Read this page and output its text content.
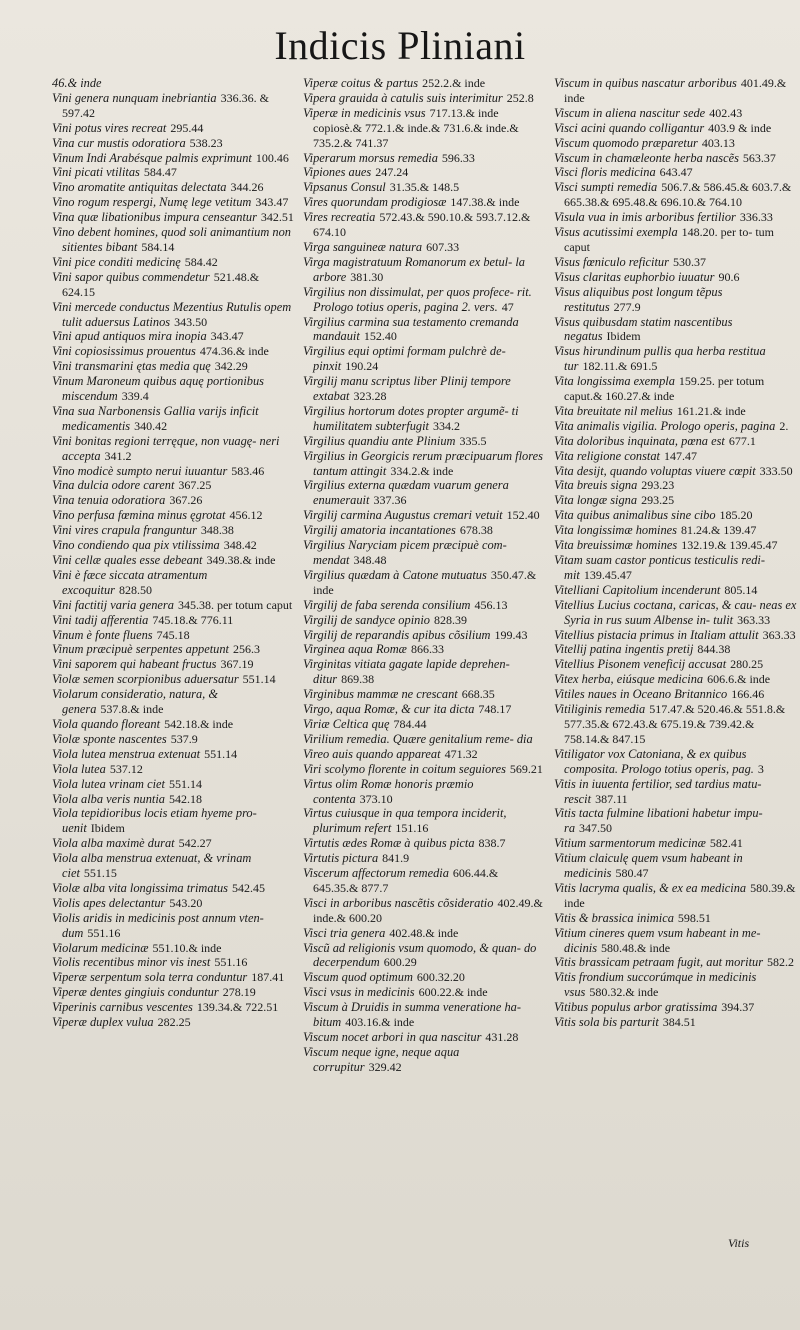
Indicis Pliniani

46.& inde

Vini genera nunquam inebriantia 336.36. & 597.42

Vini potus vires recreat 295.44

Vina cur mustis odoratiora 538.23

Vinum Indi Arabésque palmis exprimunt 100.46

Vini picati vtilitas 584.47

Vino aromatite antiquitas delectata 344.26

Vino rogum respergi, Numę lege vetitum 343.47

Vina quæ libationibus impura censeantur 342.51

Vino debent homines, quod soli animantium non sitientes bibant 584.14

Vini pice conditi medicinę 584.42

Vini sapor quibus commendetur 521.48.& 624.15

Vini mercede conductus Mezentius Rutulis opem tulit aduersus Latinos 343.50

Vini apud antiquos mira inopia 343.47

Vini copiosissimus prouentus 474.36.& inde

Vini transmarini ętas media quę 342.29

Vinum Maroneum quibus aquę portionibus miscendum 339.4

Vina sua Narbonensis Gallia varijs inficit medicamentis 340.42

Vini bonitas regioni terręque, non vuagę- neri accepta 341.2

Vino modicè sumpto nerui iuuantur 583.46

Vina dulcia odore carent 367.25

Vina tenuia odoratiora 367.26

Vino perfusa fœmina minus ęgrotat 456.12

Vini vires crapula franguntur 348.38

Vino condiendo qua pix vtilissima 348.42

Vini cellæ quales esse debeant 349.38.& inde

Vini è fæce siccata atramentum excoquitur 828.50

Vini factitij varia genera 345.38. per totum caput

Vini tadij afferentia 745.18.& 776.11

Vinum è fonte fluens 745.18

Vinum præcipuè serpentes appetunt 256.3

Vini saporem qui habeant fructus 367.19

Violæ semen scorpionibus aduersatur 551.14

Violarum consideratio, natura, & genera 537.8.& inde

Viola quando floreant 542.18.& inde

Violæ sponte nascentes 537.9

Viola lutea menstrua extenuat 551.14

Viola lutea 537.12

Viola lutea vrinam ciet 551.14

Viola alba veris nuntia 542.18

Viola tepidioribus locis etiam hyeme pro- uenit Ibidem

Viola alba maximè durat 542.27

Viola alba menstrua extenuat, & vrinam ciet 551.15

Violæ alba vita longissima trimatus 542.45

Violis apes delectantur 543.20

Violis aridis in medicinis post annum vten- dum 551.16

Violarum medicinæ 551.10.& inde

Violis recentibus minor vis inest 551.16

Viperæ serpentum sola terra conduntur 187.41

Viperæ dentes gingiuis conduntur 278.19

Viperinis carnibus vescentes 139.34.& 722.51

Viperæ duplex vulua 282.25

Viperæ coitus & partus 252.2.& inde

Vipera grauida à catulis suis interimitur 252.8

Viperæ in medicinis vsus 717.13.& inde copiosè.& 772.1.& inde.& 731.6.& inde.& 735.2.& 741.37

Viperarum morsus remedia 596.33

Vipiones aues 247.24

Vipsanus Consul 31.35.& 148.5

Vires quorundam prodigiosæ 147.38.& inde

Vires recreatia 572.43.& 590.10.& 593.7.12.& 674.10

Virga sanguineæ natura 607.33

Virga magistratuum Romanorum ex betul- la arbore 381.30

Virgilius non dissimulat, per quos profece- rit. Prologo totius operis, pagina 2. vers. 47

Virgilius carmina sua testamento cremanda mandauit 152.40

Virgilius equi optimi formam pulchrè de- pinxit 190.24

Virgilij manu scriptus liber Plinij tempore extabat 323.28

Virgilius hortorum dotes propter argumẽ- ti humilitatem subterfugit 334.2

Virgilius quandiu ante Plinium 335.5

Virgilius in Georgicis rerum præcipuarum flores tantum attingit 334.2.& inde

Virgilius externa quædam vuarum genera enumerauit 337.36

Virgilij carmina Augustus cremari vetuit 152.40

Virgilij amatoria incantationes 678.38

Virgilius Naryciam picem præcipuè com- mendat 348.48

Virgilius quædam à Catone mutuatus 350.47.& inde

Virgilij de faba serenda consilium 456.13

Virgilij de sandyce opinio 828.39

Virgilij de reparandis apibus cõsilium 199.43

Virginea aqua Romæ 866.33

Virginitas vitiata gagate lapide deprehen- ditur 869.38

Virginibus mammæ ne crescant 668.35

Virgo, aqua Romæ, & cur ita dicta 748.17

Viriæ Celtica quę 784.44

Virilium remedia. Quære genitalium reme- dia

Vireo auis quando appareat 471.32

Viri scolymo florente in coitum seguiores 569.21

Virtus olim Romæ honoris præmio contenta 373.10

Virtus cuiusque in qua tempora inciderit, plurimum refert 151.16

Virtutis ædes Romæ à quibus picta 838.7

Virtutis pictura 841.9

Viscerum affectorum remedia 606.44.& 645.35.& 877.7

Visci in arboribus nascẽtis cõsideratio 402.49.& inde.& 600.20

Visci tria genera 402.48.& inde

Viscũ ad religionis vsum quomodo, & quan- do decerpendum 600.29

Viscum quod optimum 600.32.20

Visci vsus in medicinis 600.22.& inde

Viscum à Druidis in summa veneratione ha- bitum 403.16.& inde

Viscum nocet arbori in qua nascitur 431.28

Viscum neque igne, neque aqua corrupitur 329.42

Viscum in quibus nascatur arboribus 401.49.& inde

Viscum in aliena nascitur sede 402.43

Visci acini quando colligantur 403.9 & inde

Viscum quomodo præparetur 403.13

Viscum in chamæleonte herba nascẽs 563.37

Visci floris medicina 643.47

Visci sumpti remedia 506.7.& 586.45.& 603.7.& 665.38.& 695.48.& 696.10.& 764.10

Visula vua in imis arboribus fertilior 336.33

Visus acutissimi exempla 148.20. per to- tum caput

Visus fœniculo reficitur 530.37

Visus claritas euphorbio iuuatur 90.6

Visus aliquibus post longum tẽpus restitutus 277.9

Visus quibusdam statim nascentibus negatus Ibidem

Visus hirundinum pullis qua herba restitua tur 182.11.& 691.5

Vita longissima exempla 159.25. per totum caput.& 160.27.& inde

Vita breuitate nil melius 161.21.& inde

Vita animalis vigilia. Prologo operis, pagina 2.

Vita doloribus inquinata, pœna est 677.1

Vita religione constat 147.47

Vita desijt, quando voluptas viuere cœpit 333.50

Vita breuis signa 293.23

Vita longæ signa 293.25

Vita quibus animalibus sine cibo 185.20

Vita longissimæ homines 81.24.& 139.47

Vita breuissimæ homines 132.19.& 139.45.47

Vitam suam castor ponticus testiculis redi- mit 139.45.47

Vitelliani Capitolium incenderunt 805.14

Vitellius Lucius coctana, caricas, & cau- neas ex Syria in rus suum Albense in- tulit 363.33

Vitellius pistacia primus in Italiam attulit 363.33

Vitellij patina ingentis pretij 844.38

Vitellius Pisonem veneficij accusat 280.25

Vitex herba, eiúsque medicina 606.6.& inde

Vitiles naues in Oceano Britannico 166.46

Vitiliginis remedia 517.47.& 520.46.& 551.8.& 577.35.& 672.43.& 675.19.& 739.42.& 758.14.& 847.15

Vitiligator vox Catoniana, & ex quibus composita. Prologo totius operis, pag. 3

Vitis in iuuenta fertilior, sed tardius matu- rescit 387.11

Vitis tacta fulmine libationi habetur impu- ra 347.50

Vitium sarmentorum medicinæ 582.41

Vitium claiculę quem vsum habeant in medicinis 580.47

Vitis lacryma qualis, & ex ea medicina 580.39.& inde

Vitis & brassica inimica 598.51

Vitium cineres quem vsum habeant in me- dicinis 580.48.& inde

Vitis brassicam petraam fugit, aut moritur 582.2

Vitis frondium succorúmque in medicinis vsus 580.32.& inde

Vitibus populus arbor gratissima 394.37

Vitis sola bis parturit 384.51

Vitis
